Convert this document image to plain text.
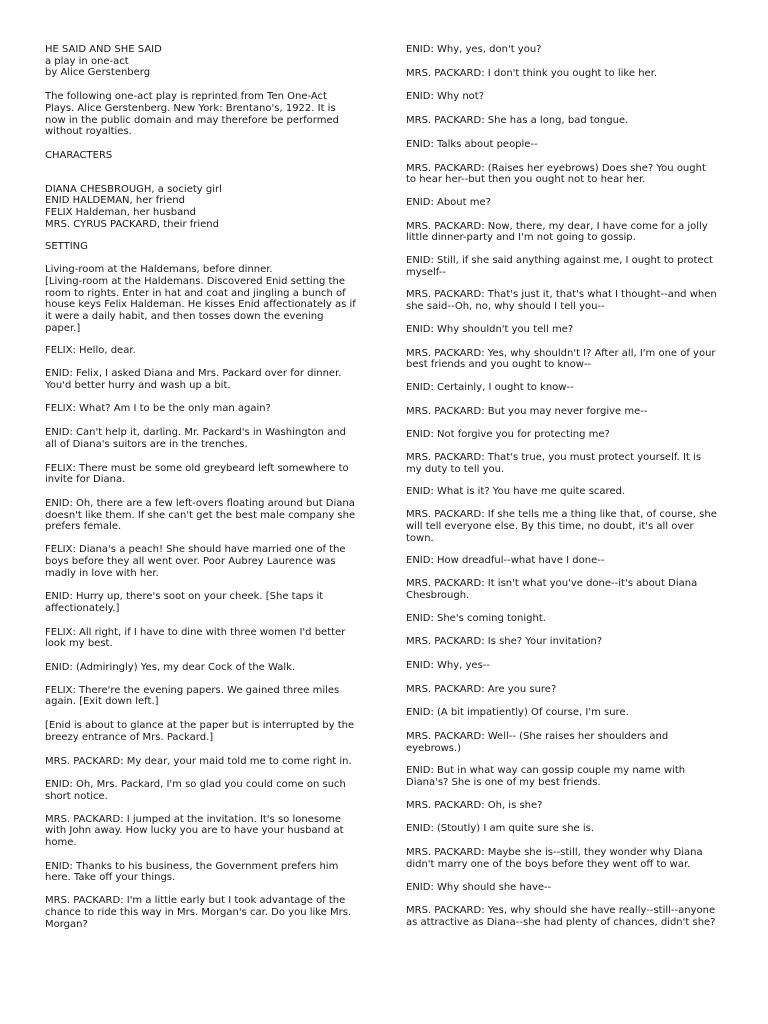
HE SAID AND SHE SAID

a play in one-act

by Alice Gerstenberg

The following one-act play is reprinted from Ten One-Act
Plays. Alice Gerstenberg. New York: Brentano's, 1922. It is
now in the public domain and may therefore be performed
without royalties.

CHARACTERS

DIANA CHESBROUGH, a society girl

ENID HALDEMAN, her friend

FELIX Haldeman, her husband

MRS. CYRUS PACKARD, their friend

SETTING

Living-room at the Haldemans, before dinner.
[Living-room at the Haldemans. Discovered Enid setting the
room to rights. Enter in hat and coat and jingling a bunch of
house keys Felix Haldeman. He kisses Enid affectionately as if
it were a daily habit, and then tosses down the evening
paper.]

FELIX: Hello, dear.

ENID: Felix, I asked Diana and Mrs. Packard over for dinner.
You'd better hurry and wash up a bit.

FELIX: What? Am I to be the only man again?

ENID: Can't help it, darling. Mr. Packard's in Washington and
all of Diana's suitors are in the trenches.

FELIX: There must be some old greybeard left somewhere to
invite for Diana.

ENID: Oh, there are a few left-overs floating around but Diana
doesn't like them. If she can't get the best male company she
prefers female.

FELIX: Diana's a peach! She should have married one of the
boys before they all went over. Poor Aubrey Laurence was
madly in love with her.

ENID: Hurry up, there's soot on your cheek. [She taps it
affectionately.]

FELIX: All right, if I have to dine with three women I'd better
look my best.

ENID: (Admiringly) Yes, my dear Cock of the Walk.

FELIX: There're the evening papers. We gained three miles
again. [Exit down left.]

[Enid is about to glance at the paper but is interrupted by the
breezy entrance of Mrs. Packard.]

MRS. PACKARD: My dear, your maid told me to come right in.

ENID: Oh, Mrs. Packard, I'm so glad you could come on such
short notice.

MRS. PACKARD: I jumped at the invitation. It's so lonesome
with John away. How lucky you are to have your husband at
home.

ENID: Thanks to his business, the Government prefers him
here. Take off your things.

MRS. PACKARD: I'm a little early but I took advantage of the
chance to ride this way in Mrs. Morgan's car. Do you like Mrs.
Morgan?

ENID: Why, yes, don't you?

MRS. PACKARD: I don't think you ought to like her.

ENID: Why not?

MRS. PACKARD: She has a long, bad tongue.

ENID: Talks about people--

MRS. PACKARD: (Raises her eyebrows) Does she? You ought
to hear her--but then you ought not to hear her.

ENID: About me?

MRS. PACKARD: Now, there, my dear, I have come for a jolly
little dinner-party and I'm not going to gossip.

ENID: Still, if she said anything against me, I ought to protect
myself--

MRS. PACKARD: That's just it, that's what I thought--and when
she said--Oh, no, why should I tell you--

ENID: Why shouldn't you tell me?

MRS. PACKARD: Yes, why shouldn't I? After all, I'm one of your
best friends and you ought to know--

ENID: Certainly, I ought to know--

MRS. PACKARD: But you may never forgive me--

ENID: Not forgive you for protecting me?

MRS. PACKARD: That's true, you must protect yourself. It is
my duty to tell you.

ENID: What is it? You have me quite scared.

MRS. PACKARD: If she tells me a thing like that, of course, she
will tell everyone else. By this time, no doubt, it's all over
town.

ENID: How dreadful--what have I done--

MRS. PACKARD: It isn't what you've done--it's about Diana
Chesbrough.

ENID: She's coming tonight.

MRS. PACKARD: Is she? Your invitation?

ENID: Why, yes--

MRS. PACKARD: Are you sure?

ENID: (A bit impatiently) Of course, I'm sure.

MRS. PACKARD: Well-- (She raises her shoulders and
eyebrows.)

ENID: But in what way can gossip couple my name with
Diana's? She is one of my best friends.

MRS. PACKARD: Oh, is she?

ENID: (Stoutly) I am quite sure she is.

MRS. PACKARD: Maybe she is--still, they wonder why Diana
didn't marry one of the boys before they went off to war.

ENID: Why should she have--

MRS. PACKARD: Yes, why should she have really--still--anyone
as attractive as Diana--she had plenty of chances, didn't she?
